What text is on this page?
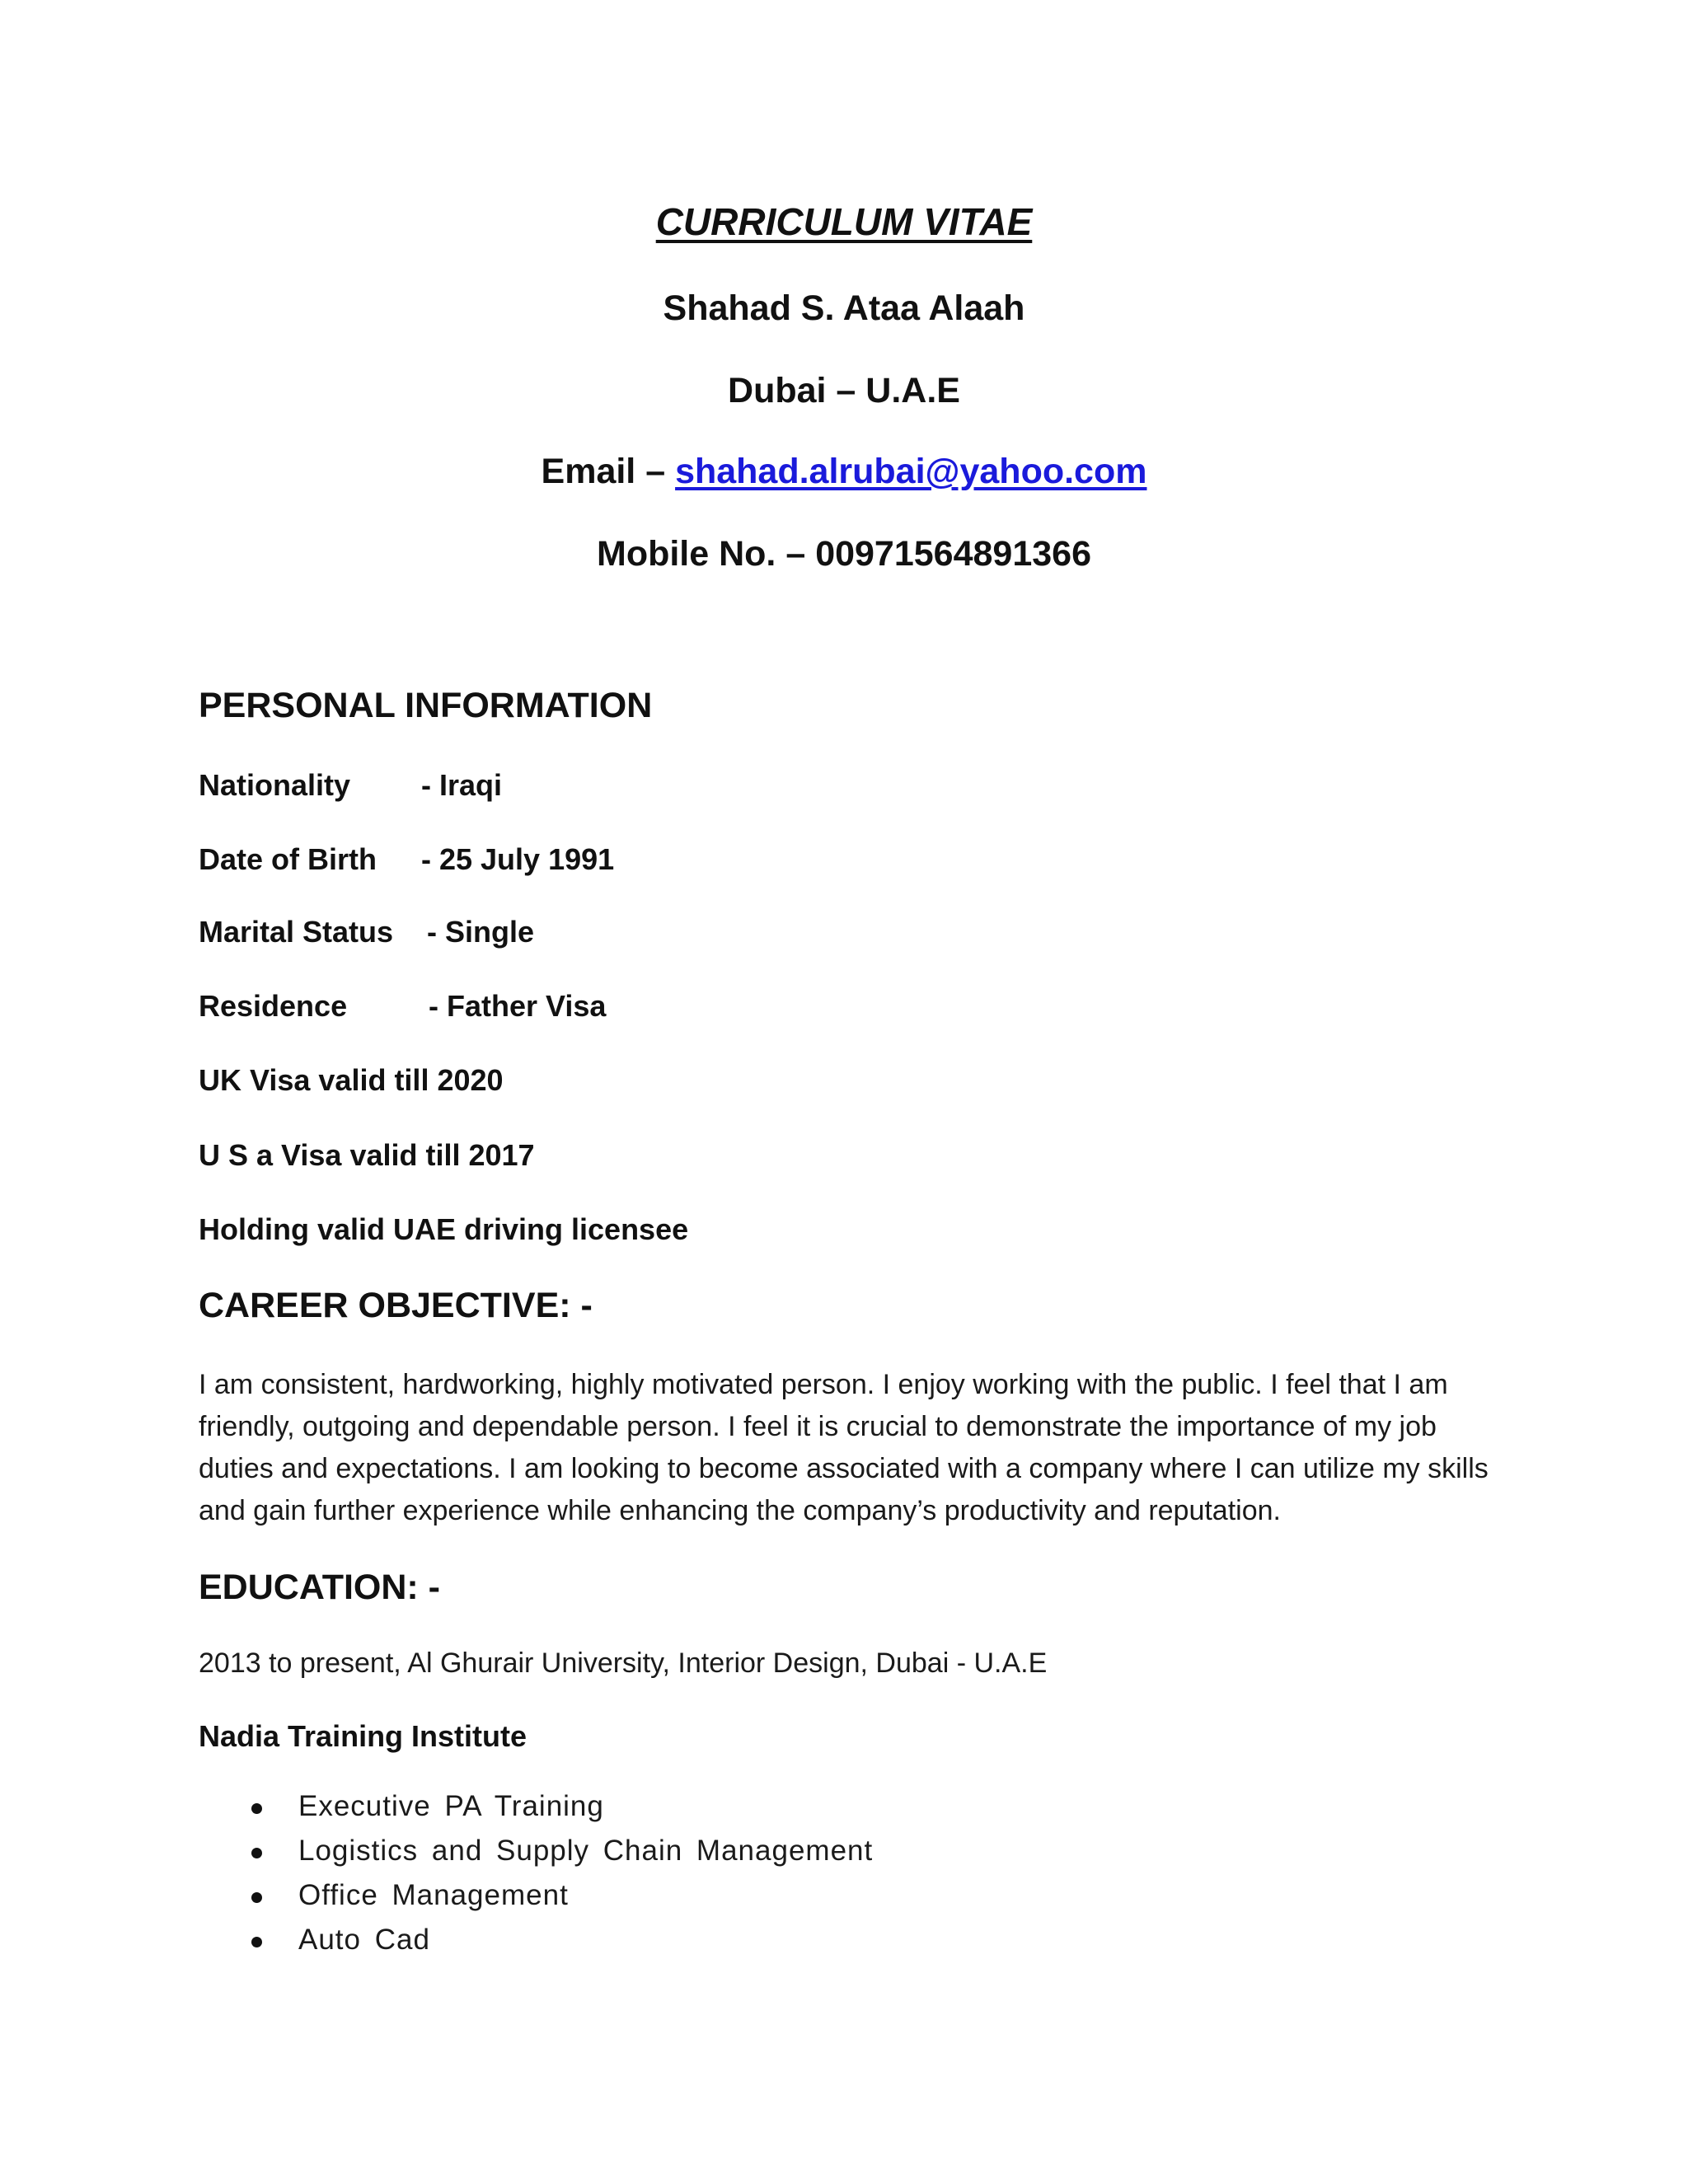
CURRICULUM VITAE
Shahad S. Ataa Alaah
Dubai – U.A.E
Email – shahad.alrubai@yahoo.com
Mobile No. – 00971564891366
PERSONAL INFORMATION
Nationality - Iraqi
Date of Birth - 25 July 1991
Marital Status - Single
Residence	- Father Visa
UK Visa valid till 2020
U S a Visa valid till 2017
Holding valid UAE driving licensee
CAREER OBJECTIVE: -
I am consistent, hardworking, highly motivated person. I enjoy working with the public. I feel that I am friendly, outgoing and dependable person. I feel it is crucial to demonstrate the importance of my job duties and expectations. I am looking to become associated with a company where I can utilize my skills and gain further experience while enhancing the company’s productivity and reputation.
EDUCATION: -
2013 to present, Al Ghurair University, Interior Design, Dubai - U.A.E
Nadia Training Institute
Executive PA Training
Logistics and Supply Chain Management
Office Management
Auto Cad
